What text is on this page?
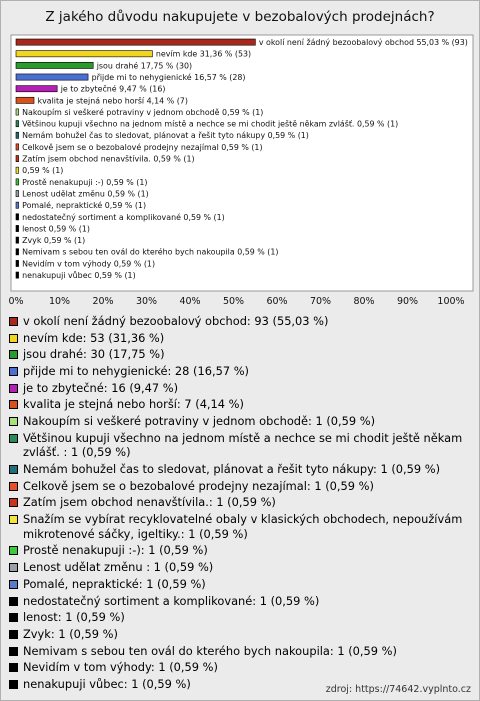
Z jakého důvodu nakupujete v bezobalových prodejnách?
v okolí není žádný bezoobalový obchod 55,03 % (93)
nevím kde 31,36 % (53)
jsou drahé 17,75 % (30)
přijde mi to nehygienické 16,57 % (28)
je to zbytečné 9,47 % (16)
kvalita je stejná nebo horší 4,14 % (7)
Nakoupím si veškeré potraviny v jednom obchodě 0,59 % (1)
Většinou kupuji všechno na jednom místě a nechce se mi chodit ještě někam zvlášť. 0,59 % (1)
Nemám bohužel čas to sledovat, plánovat a řešit tyto nákupy 0,59 % (1)
Celkově jsem se o bezobalové prodejny nezajímal 0,59 % (1)
Zatím jsem obchod nenavštívila. 0,59 % (1)
0,59 % (1)
Prostě nenakupuji :-) 0,59 % (1)
Lenost udělat změnu 0,59 % (1)
Pomalé, nepraktické 0,59 % (1)
nedostatečný sortiment a komplikované 0,59 % (1)
lenost 0,59 % (1)
Zvyk 0,59 % (1)
Nemivam s sebou ten ovál do kterého bych nakoupila 0,59 % (1)
Nevidím v tom výhody 0,59 % (1)
nenakupuji vůbec 0,59 % (1)
0%	10% 20% 30% 40% 50% 60% 70% 80% 90% 100%
v okolí není žádný bezoobalový obchod: 93 (55,03 %)
nevím kde: 53 (31,36 %)
jsou drahé: 30 (17,75 %)
přijde mi to nehygienické: 28 (16,57 %)
je to zbytečné: 16 (9,47 %)
kvalita je stejná nebo horší: 7 (4,14 %)
Nakoupím si veškeré potraviny v jednom obchodě: 1 (0,59 %)
Většinou kupuji všechno na jednom místě a nechce se mi chodit ještě někam zvlášť. : 1 (0,59 %)
Nemám bohužel čas to sledovat, plánovat a řešit tyto nákupy: 1 (0,59 %)
Celkově jsem se o bezobalové prodejny nezajímal: 1 (0,59 %)
Zatím jsem obchod nenavštívila.: 1 (0,59 %)
Snažím se vybírat recyklovatelné obaly v klasických obchodech, nepoužívám mikrotenové sáčky, igeltiky.: 1 (0,59 %)
Prostě nenakupuji :-): 1 (0,59 %)
Lenost udělat změnu : 1 (0,59 %)
Pomalé, nepraktické: 1 (0,59 %)
nedostatečný sortiment a komplikované: 1 (0,59 %)
lenost: 1 (0,59 %)
Zvyk: 1 (0,59 %)
Nemivam s sebou ten ovál do kterého bych nakoupila: 1 (0,59 %)
Nevidím v tom výhody: 1 (0,59 %)
nenakupuji vůbec: 1 (0,59 %)	zdroj: https://74642.vyplnto.cz
